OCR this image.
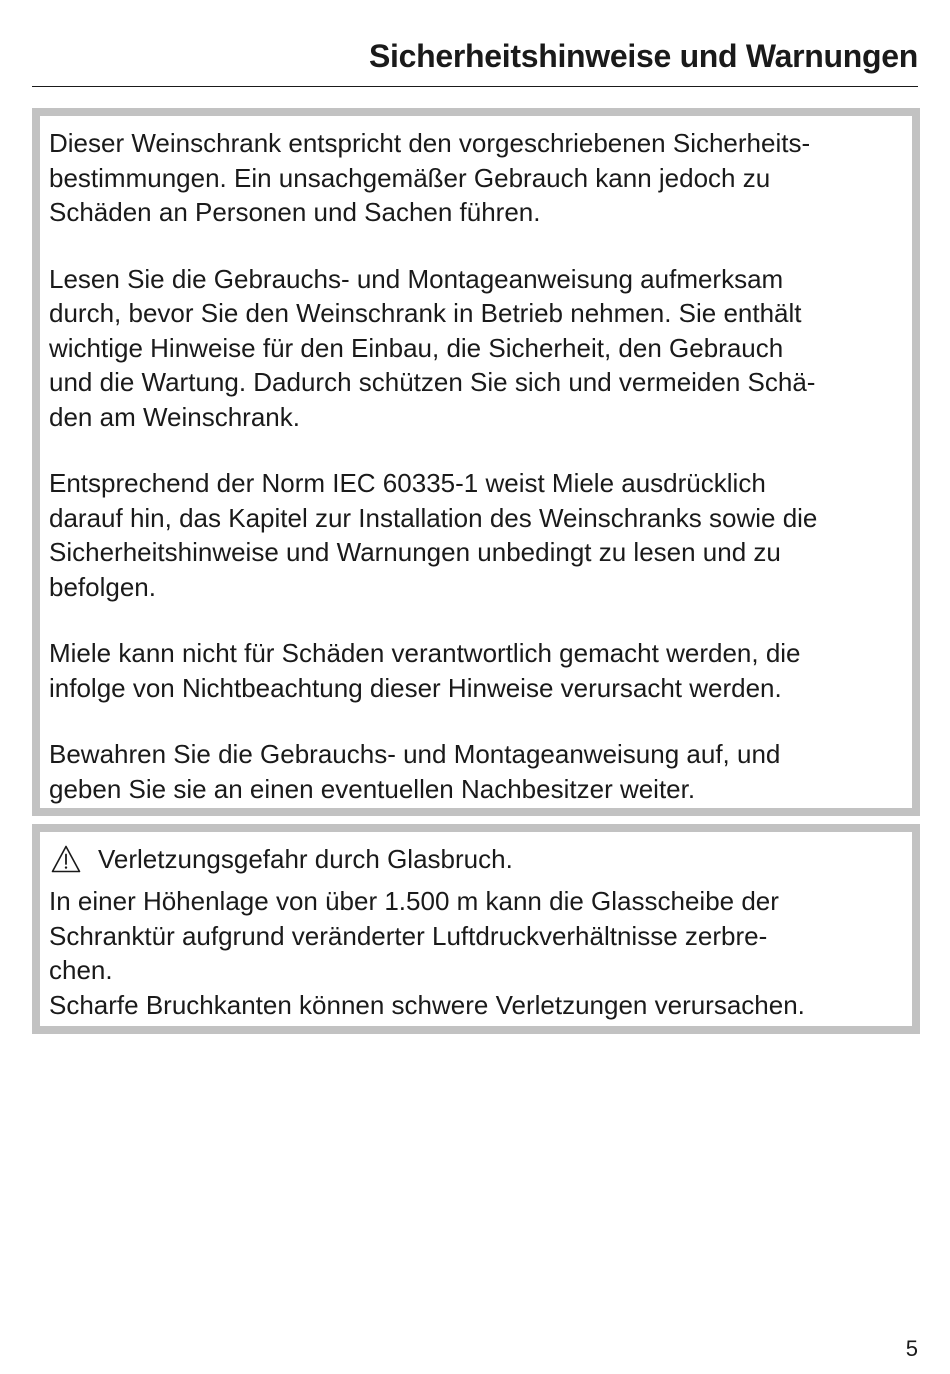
Sicherheitshinweise und Warnungen

Dieser Weinschrank entspricht den vorgeschriebenen Sicherheits-
bestimmungen. Ein unsachgemäßer Gebrauch kann jedoch zu
Schäden an Personen und Sachen führen.

Lesen Sie die Gebrauchs- und Montageanweisung aufmerksam
durch, bevor Sie den Weinschrank in Betrieb nehmen. Sie enthält
wichtige Hinweise für den Einbau, die Sicherheit, den Gebrauch
und die Wartung. Dadurch schützen Sie sich und vermeiden Schä-
den am Weinschrank.

Entsprechend der Norm IEC 60335-1 weist Miele ausdrücklich
darauf hin, das Kapitel zur Installation des Weinschranks sowie die
Sicherheitshinweise und Warnungen unbedingt zu lesen und zu
befolgen.

Miele kann nicht für Schäden verantwortlich gemacht werden, die
infolge von Nichtbeachtung dieser Hinweise verursacht werden.

Bewahren Sie die Gebrauchs- und Montageanweisung auf, und
geben Sie sie an einen eventuellen Nachbesitzer weiter.

Verletzungsgefahr durch Glasbruch.

In einer Höhenlage von über 1.500 m kann die Glasscheibe der
Schranktür aufgrund veränderter Luftdruckverhältnisse zerbre-
chen.
Scharfe Bruchkanten können schwere Verletzungen verursachen.

5
